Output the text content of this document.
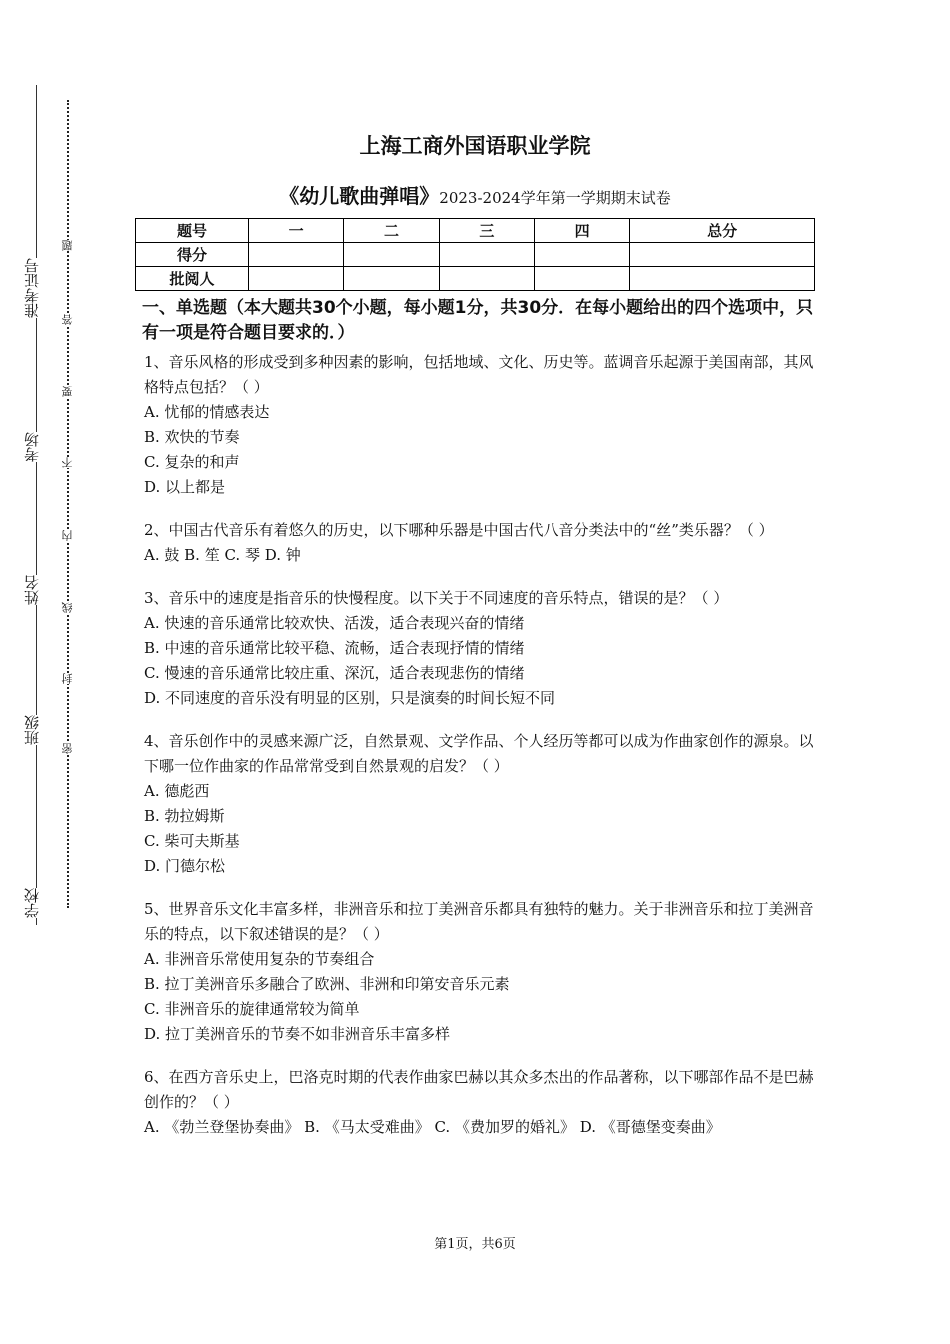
准考证号
考场
姓名
班级
学校
题
答
要
不
内
线
封
密
上海工商外国语职业学院
《幼儿歌曲弹唱》2023-2024学年第一学期期末试卷
题号	一	二	三	四	总分
得分					
批阅人					
一、单选题（本大题共30个小题，每小题1分，共30分．在每小题给出的四个选项中，只有一项是符合题目要求的．）
1、音乐风格的形成受到多种因素的影响，包括地域、文化、历史等。蓝调音乐起源于美国南部，其风格特点包括？（ ）
A. 忧郁的情感表达
B. 欢快的节奏
C. 复杂的和声
D. 以上都是
2、中国古代音乐有着悠久的历史，以下哪种乐器是中国古代八音分类法中的“丝”类乐器？（ ）
A. 鼓 B. 笙 C. 琴 D. 钟
3、音乐中的速度是指音乐的快慢程度。以下关于不同速度的音乐特点，错误的是？（ ）
A. 快速的音乐通常比较欢快、活泼，适合表现兴奋的情绪
B. 中速的音乐通常比较平稳、流畅，适合表现抒情的情绪
C. 慢速的音乐通常比较庄重、深沉，适合表现悲伤的情绪
D. 不同速度的音乐没有明显的区别，只是演奏的时间长短不同
4、音乐创作中的灵感来源广泛，自然景观、文学作品、个人经历等都可以成为作曲家创作的源泉。以下哪一位作曲家的作品常常受到自然景观的启发？（ ）
A. 德彪西
B. 勃拉姆斯
C. 柴可夫斯基
D. 门德尔松
5、世界音乐文化丰富多样，非洲音乐和拉丁美洲音乐都具有独特的魅力。关于非洲音乐和拉丁美洲音乐的特点，以下叙述错误的是？（ ）
A. 非洲音乐常使用复杂的节奏组合
B. 拉丁美洲音乐多融合了欧洲、非洲和印第安音乐元素
C. 非洲音乐的旋律通常较为简单
D. 拉丁美洲音乐的节奏不如非洲音乐丰富多样
6、在西方音乐史上，巴洛克时期的代表作曲家巴赫以其众多杰出的作品著称，以下哪部作品不是巴赫创作的？（ ）
A. 《勃兰登堡协奏曲》 B. 《马太受难曲》 C. 《费加罗的婚礼》 D. 《哥德堡变奏曲》
第1页，共6页
